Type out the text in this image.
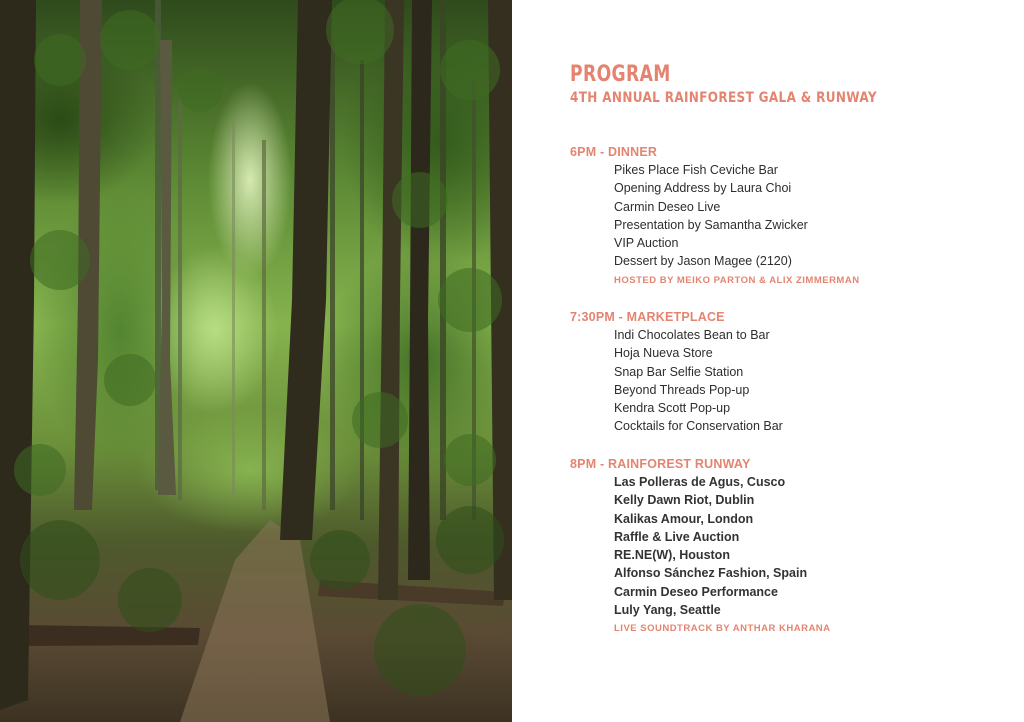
PROGRAM
4TH ANNUAL RAINFOREST GALA & RUNWAY
6PM - DINNER
Pikes Place Fish Ceviche Bar
Opening Address by Laura Choi
Carmin Deseo Live
Presentation by Samantha Zwicker
VIP Auction
Dessert by Jason Magee (2120)
HOSTED BY MEIKO PARTON & ALIX ZIMMERMAN
7:30PM - MARKETPLACE
Indi Chocolates Bean to Bar
Hoja Nueva Store
Snap Bar Selfie Station
Beyond Threads Pop-up
Kendra Scott Pop-up
Cocktails for Conservation Bar
8PM - RAINFOREST RUNWAY
Las Polleras de Agus, Cusco
Kelly Dawn Riot, Dublin
Kalikas Amour, London
Raffle & Live Auction
RE.NE(W), Houston
Alfonso Sánchez Fashion, Spain
Carmin Deseo Performance
Luly Yang, Seattle
LIVE SOUNDTRACK BY ANTHAR KHARANA
